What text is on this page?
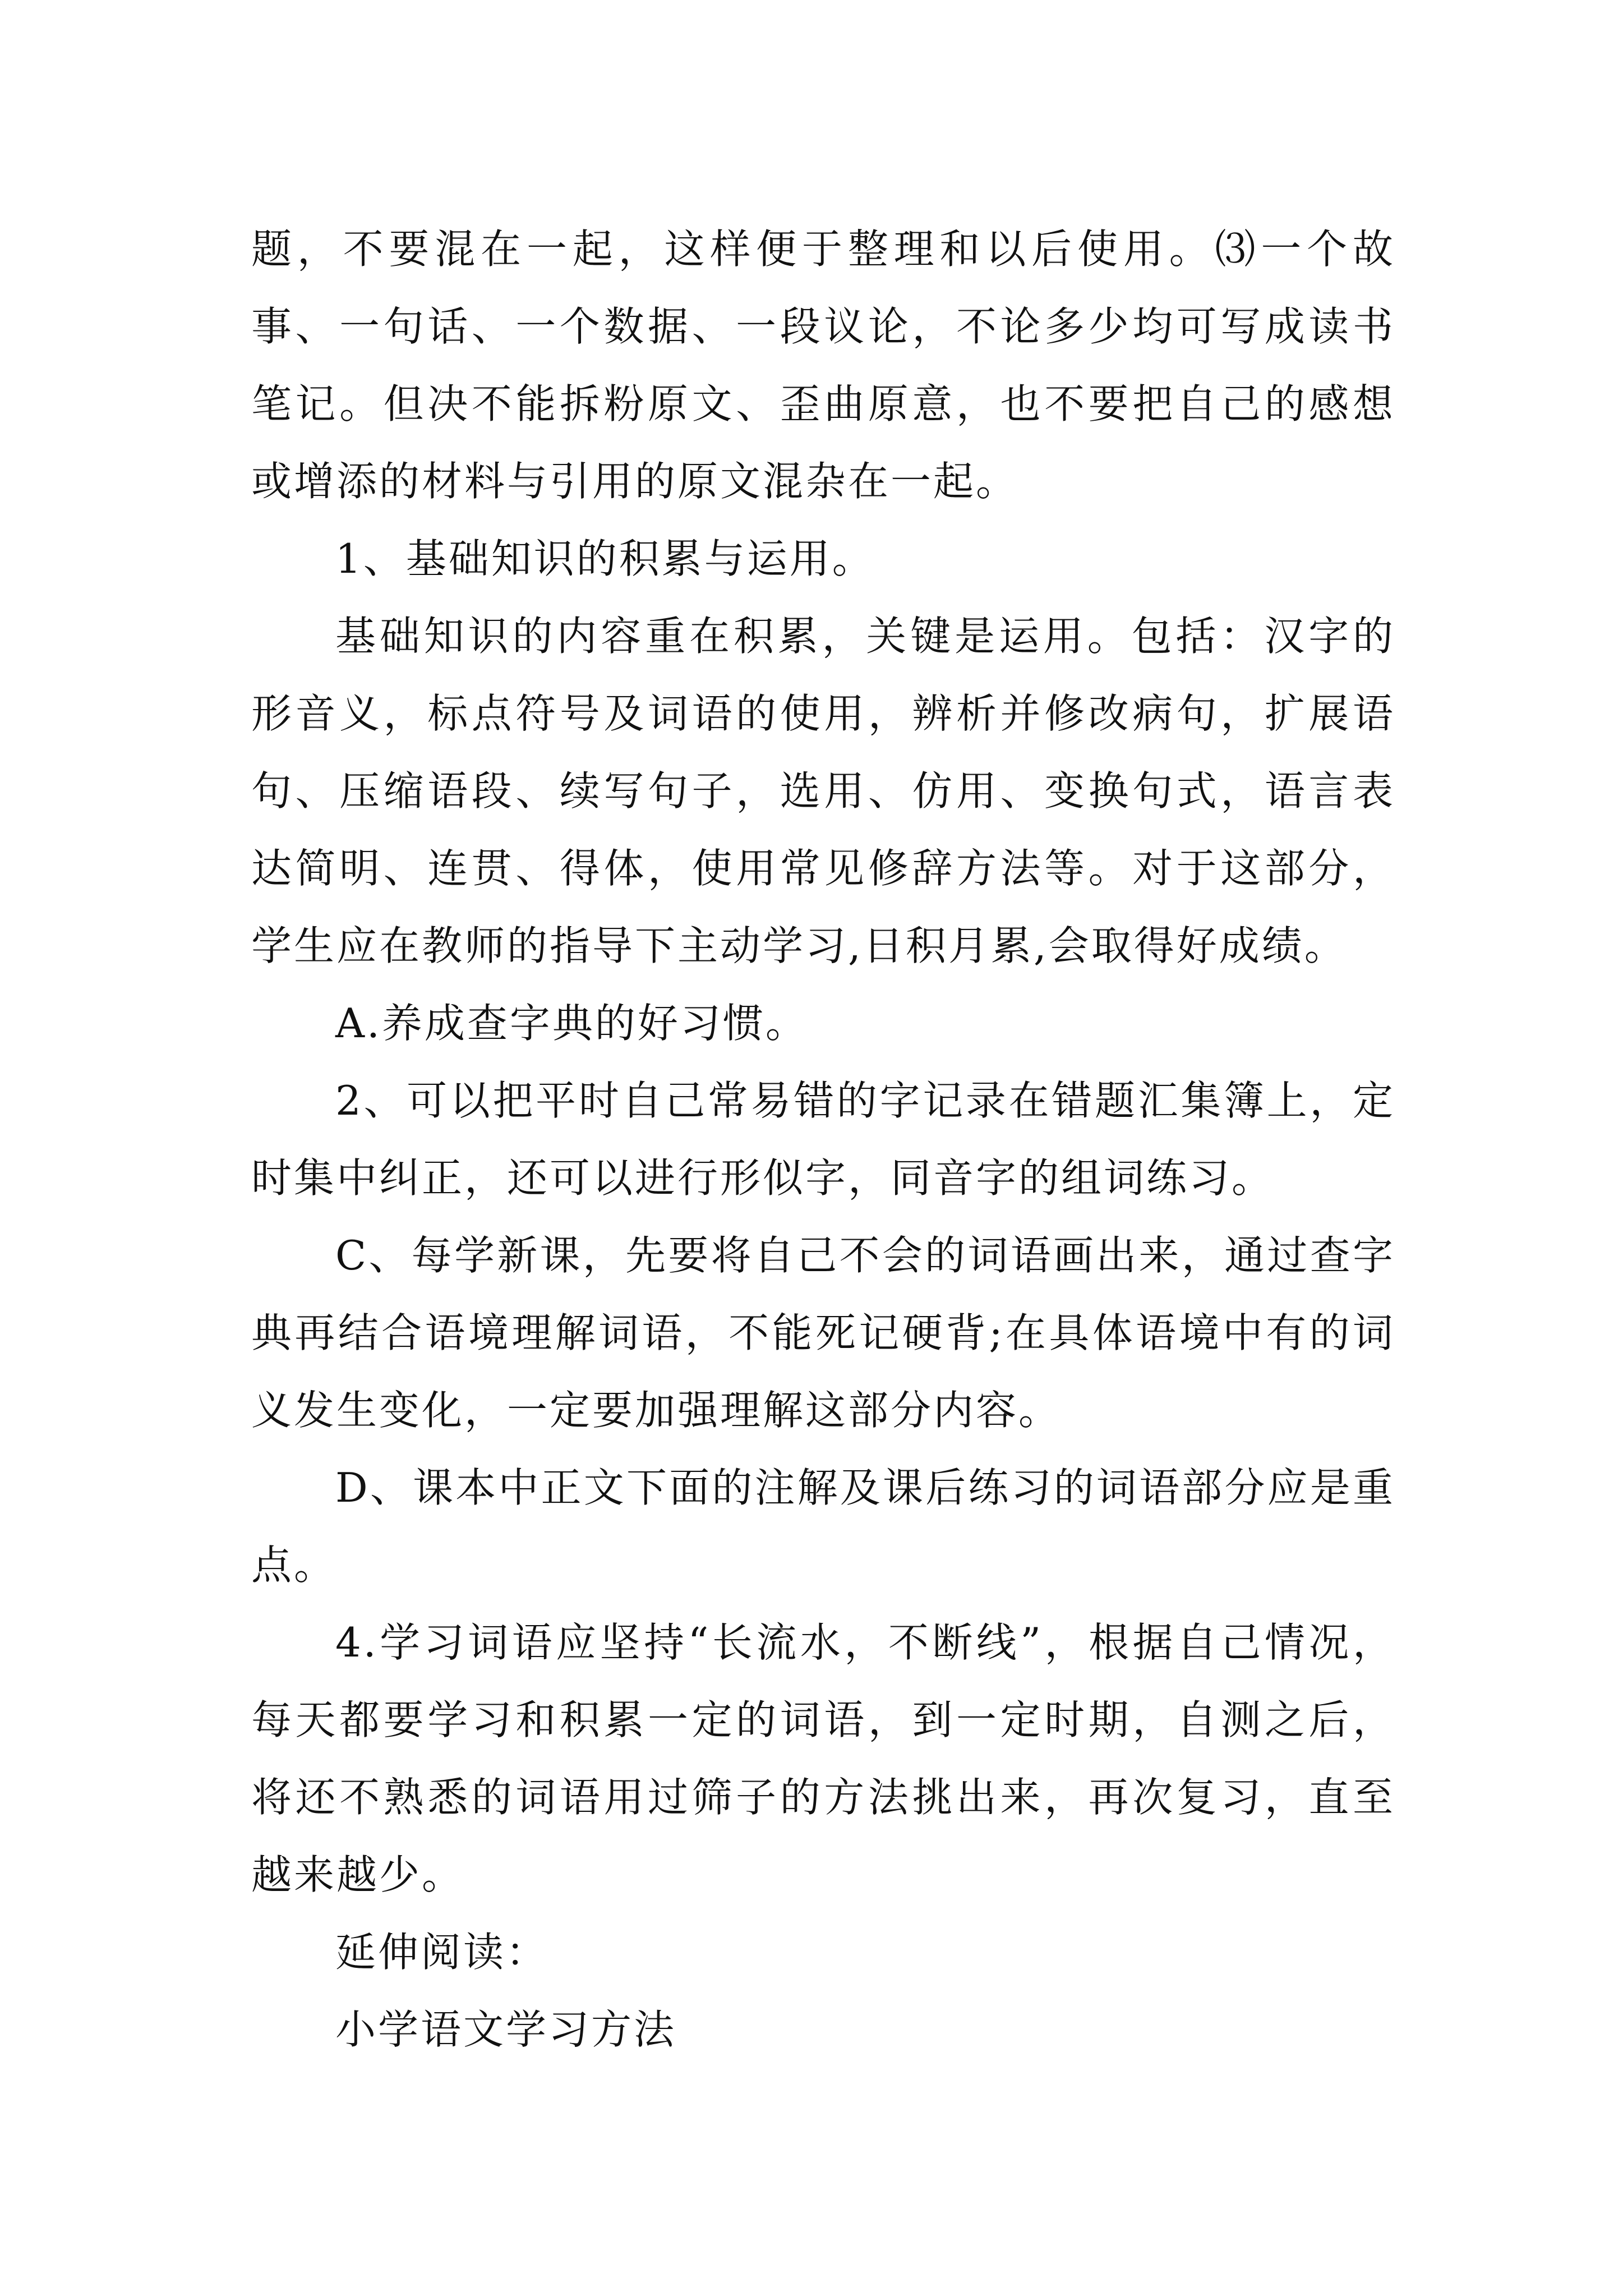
题，不要混在一起，这样便于整理和以后使用。⑶一个故事、一句话、一个数据、一段议论，不论多少均可写成读书笔记。但决不能拆粉原文、歪曲原意，也不要把自己的感想或增添的材料与引用的原文混杂在一起。

1、基础知识的积累与运用。

基础知识的内容重在积累，关键是运用。包括：汉字的形音义，标点符号及词语的使用，辨析并修改病句，扩展语句、压缩语段、续写句子，选用、仿用、变换句式，语言表达简明、连贯、得体，使用常见修辞方法等。对于这部分，学生应在教师的指导下主动学习,日积月累,会取得好成绩。

A.养成查字典的好习惯。

2、可以把平时自己常易错的字记录在错题汇集簿上，定时集中纠正，还可以进行形似字，同音字的组词练习。

C、每学新课，先要将自己不会的词语画出来，通过查字典再结合语境理解词语，不能死记硬背;在具体语境中有的词义发生变化，一定要加强理解这部分内容。

D、课本中正文下面的注解及课后练习的词语部分应是重点。

4.学习词语应坚持“长流水，不断线”，根据自己情况，每天都要学习和积累一定的词语，到一定时期，自测之后，将还不熟悉的词语用过筛子的方法挑出来，再次复习，直至越来越少。

延伸阅读：

小学语文学习方法
